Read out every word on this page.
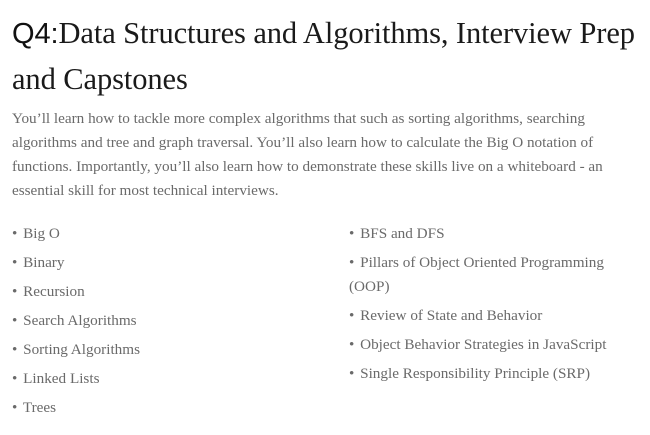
Q4:Data Structures and Algorithms, Interview Prep and Capstones

You’ll learn how to tackle more complex algorithms that such as sorting algorithms, searching algorithms and tree and graph traversal. You’ll also learn how to calculate the Big O notation of functions. Importantly, you’ll also learn how to demonstrate these skills live on a whiteboard - an essential skill for most technical interviews.

• Big O
• Binary
• Recursion
• Search Algorithms
• Sorting Algorithms
• Linked Lists
• Trees
• BFS and DFS
• Pillars of Object Oriented Programming (OOP)
• Review of State and Behavior
• Object Behavior Strategies in JavaScript
• Single Responsibility Principle (SRP)
